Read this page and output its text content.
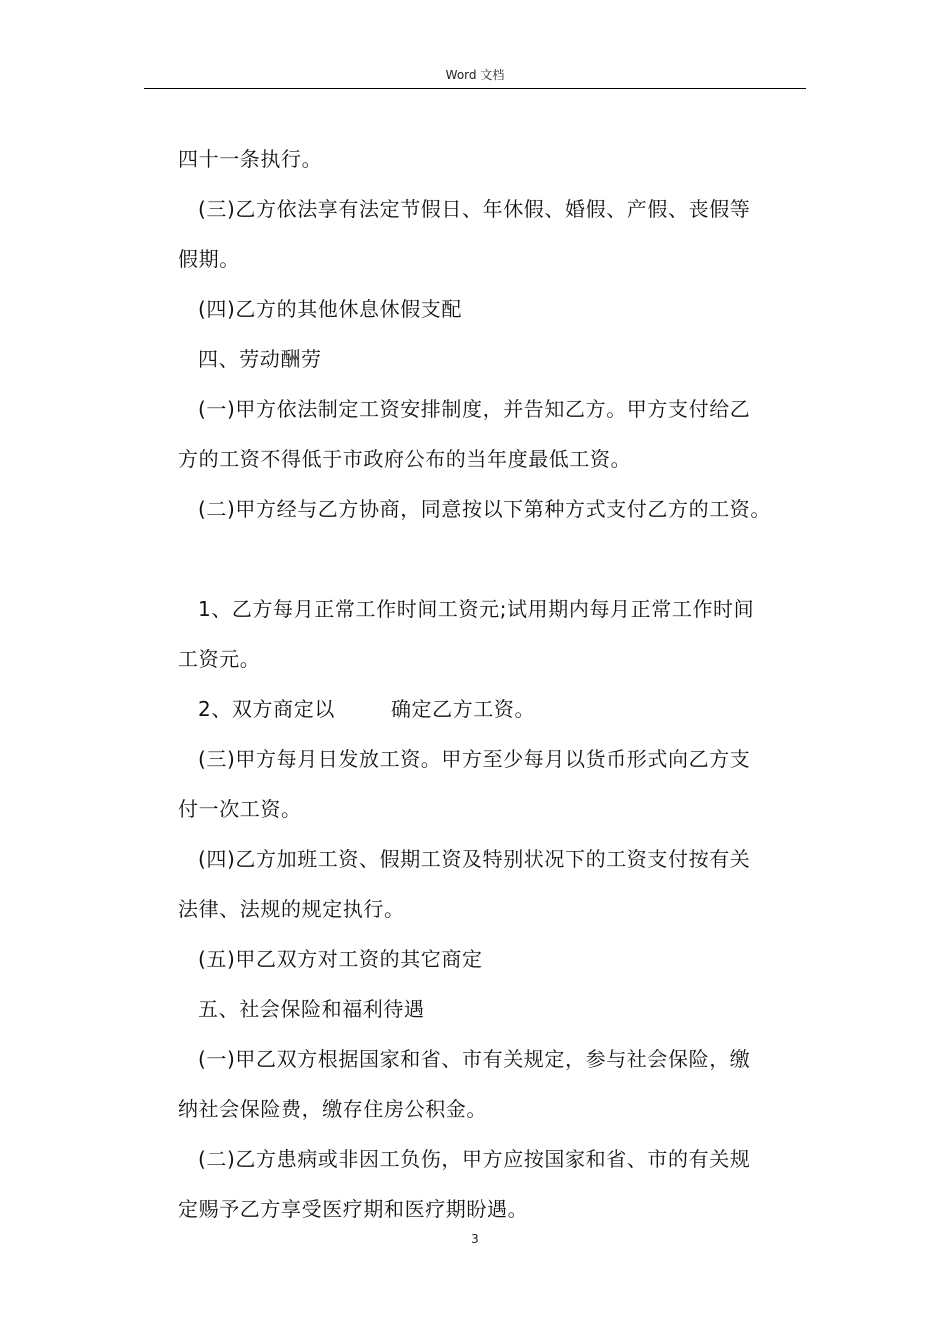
Word 文档

四十一条执行。

(三)乙方依法享有法定节假日、年休假、婚假、产假、丧假等

假期。

(四)乙方的其他休息休假支配

四、劳动酬劳

(一)甲方依法制定工资安排制度，并告知乙方。甲方支付给乙

方的工资不得低于市政府公布的当年度最低工资。

(二)甲方经与乙方协商，同意按以下第种方式支付乙方的工资。

1、乙方每月正常工作时间工资元;试用期内每月正常工作时间

工资元。

2、双方商定以	确定乙方工资。

(三)甲方每月日发放工资。甲方至少每月以货币形式向乙方支

付一次工资。

(四)乙方加班工资、假期工资及特别状况下的工资支付按有关

法律、法规的规定执行。

(五)甲乙双方对工资的其它商定

五、社会保险和福利待遇

(一)甲乙双方根据国家和省、市有关规定，参与社会保险，缴

纳社会保险费，缴存住房公积金。

(二)乙方患病或非因工负伤，甲方应按国家和省、市的有关规

定赐予乙方享受医疗期和医疗期盼遇。

3
